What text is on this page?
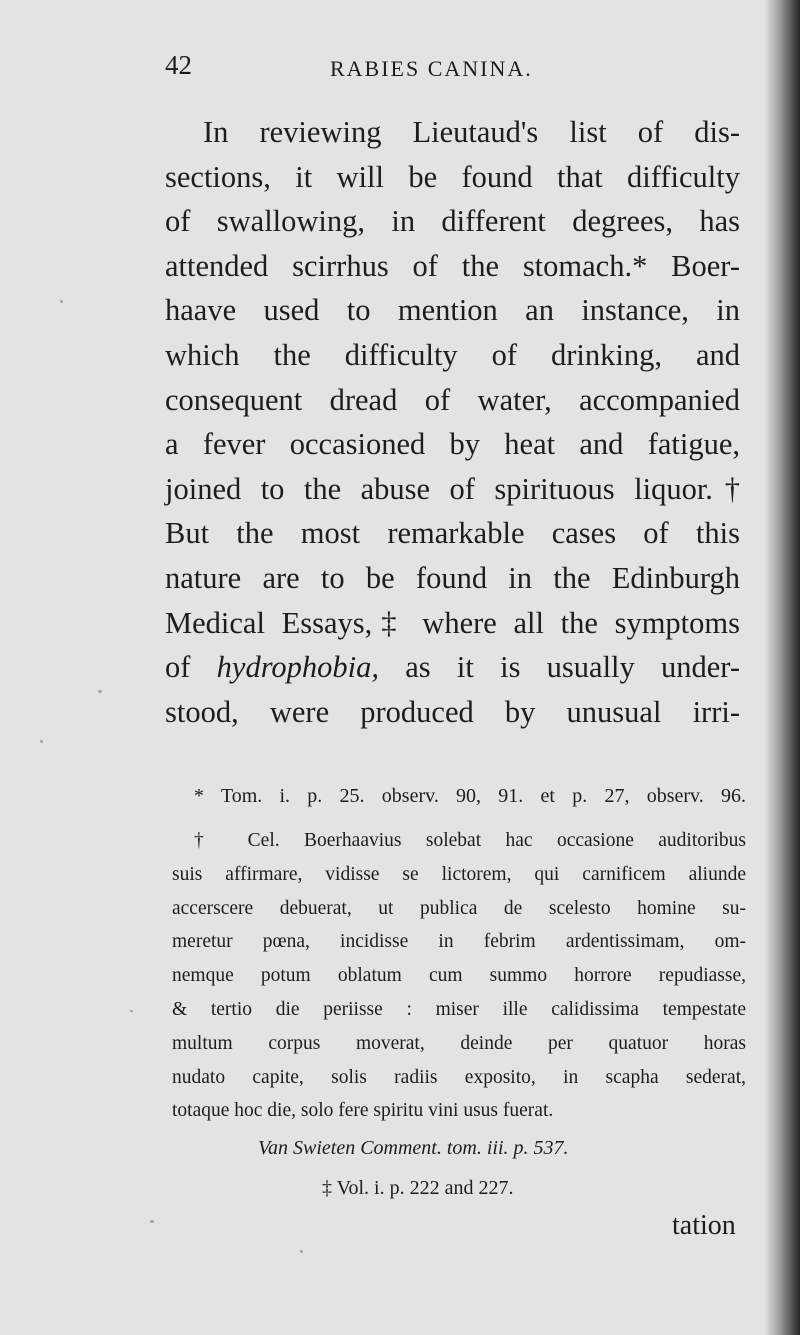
42	RABIES CANINA.
In reviewing Lieutaud's list of dis-
sections, it will be found that difficulty
of swallowing, in different degrees, has
attended scirrhus of the stomach.* Boer-
haave used to mention an instance, in
which the difficulty of drinking, and
consequent dread of water, accompanied
a fever occasioned by heat and fatigue,
joined to the abuse of spirituous liquor.†
But the most remarkable cases of this
nature are to be found in the Edinburgh
Medical Essays,‡ where all the symptoms
of hydrophobia, as it is usually under-
stood, were produced by unusual irri-
* Tom. i. p. 25. observ. 90, 91. et p. 27, observ. 96.
† Cel. Boerhaavius solebat hac occasione auditoribus
suis affirmare, vidisse se lictorem, qui carnificem aliunde
accerscere debuerat, ut publica de scelesto homine su-
meretur pœna, incidisse in febrim ardentissimam, om-
nemque potum oblatum cum summo horrore repudiasse,
& tertio die periisse : miser ille calidissima tempestate
multum corpus moverat, deinde per quatuor horas
nudato capite, solis radiis exposito, in scapha sederat,
totaque hoc die, solo fere spiritu vini usus fuerat.
Van Swieten Comment. tom. iii. p. 537.
‡ Vol. i. p. 222 and 227.
tation
